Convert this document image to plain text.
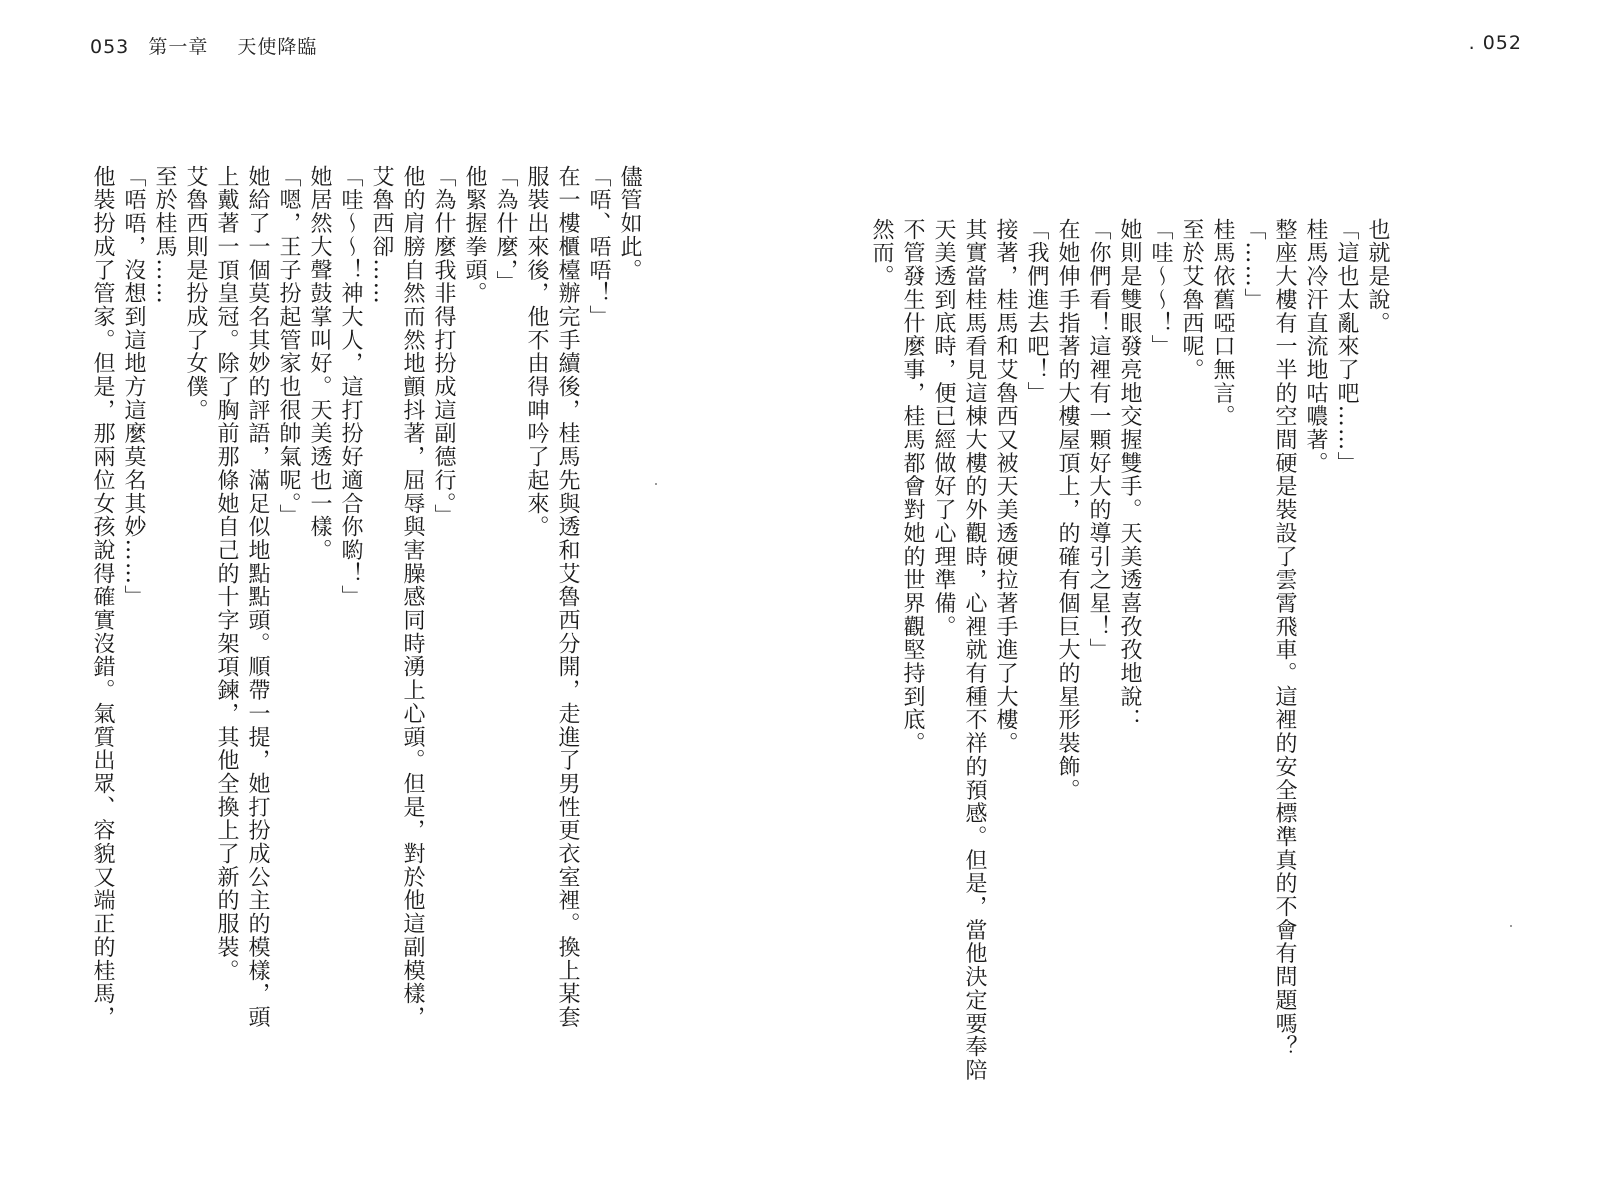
053 第一章 天使降臨	. 052
也就是說。
「這也太亂來了吧……」
桂馬冷汗直流地咕噥著。
整座大樓有一半的空間硬是裝設了雲霄飛車。這裡的安全標準真的不會有問題嗎？
「……」
桂馬依舊啞口無言。
至於艾魯西呢。
「哇〜〜！」
她則是雙眼發亮地交握雙手。天美透喜孜孜地說：
「你們看！這裡有一顆好大的導引之星！」
在她伸手指著的大樓屋頂上，的確有個巨大的星形裝飾。
「我們進去吧！」
接著，桂馬和艾魯西又被天美透硬拉著手進了大樓。
其實當桂馬看見這棟大樓的外觀時，心裡就有種不祥的預感。但是，當他決定要奉陪
天美透到底時，便已經做好了心理準備。
不管發生什麼事，桂馬都會對她的世界觀堅持到底。
然而。
儘管如此。
「唔、唔唔！」
在一樓櫃檯辦完手續後，桂馬先與透和艾魯西分開，走進了男性更衣室裡。換上某套
服裝出來後，他不由得呻吟了起來。
「為什麼，」
他緊握拳頭。
「為什麼我非得打扮成這副德行。」
他的肩膀自然而然地顫抖著，屈辱與害臊感同時湧上心頭。但是，對於他這副模樣，
艾魯西卻……
「哇〜〜！神大人，這打扮好適合你喲！」
她居然大聲鼓掌叫好。天美透也一樣。
「嗯，王子扮起管家也很帥氣呢。」
她給了一個莫名其妙的評語，滿足似地點點頭。順帶一提，她打扮成公主的模樣，頭
上戴著一頂皇冠。除了胸前那條她自己的十字架項鍊，其他全換上了新的服裝。
艾魯西則是扮成了女僕。
至於桂馬……
「唔唔，沒想到這地方這麼莫名其妙……」
他裝扮成了管家。但是，那兩位女孩說得確實沒錯。氣質出眾、容貌又端正的桂馬，
